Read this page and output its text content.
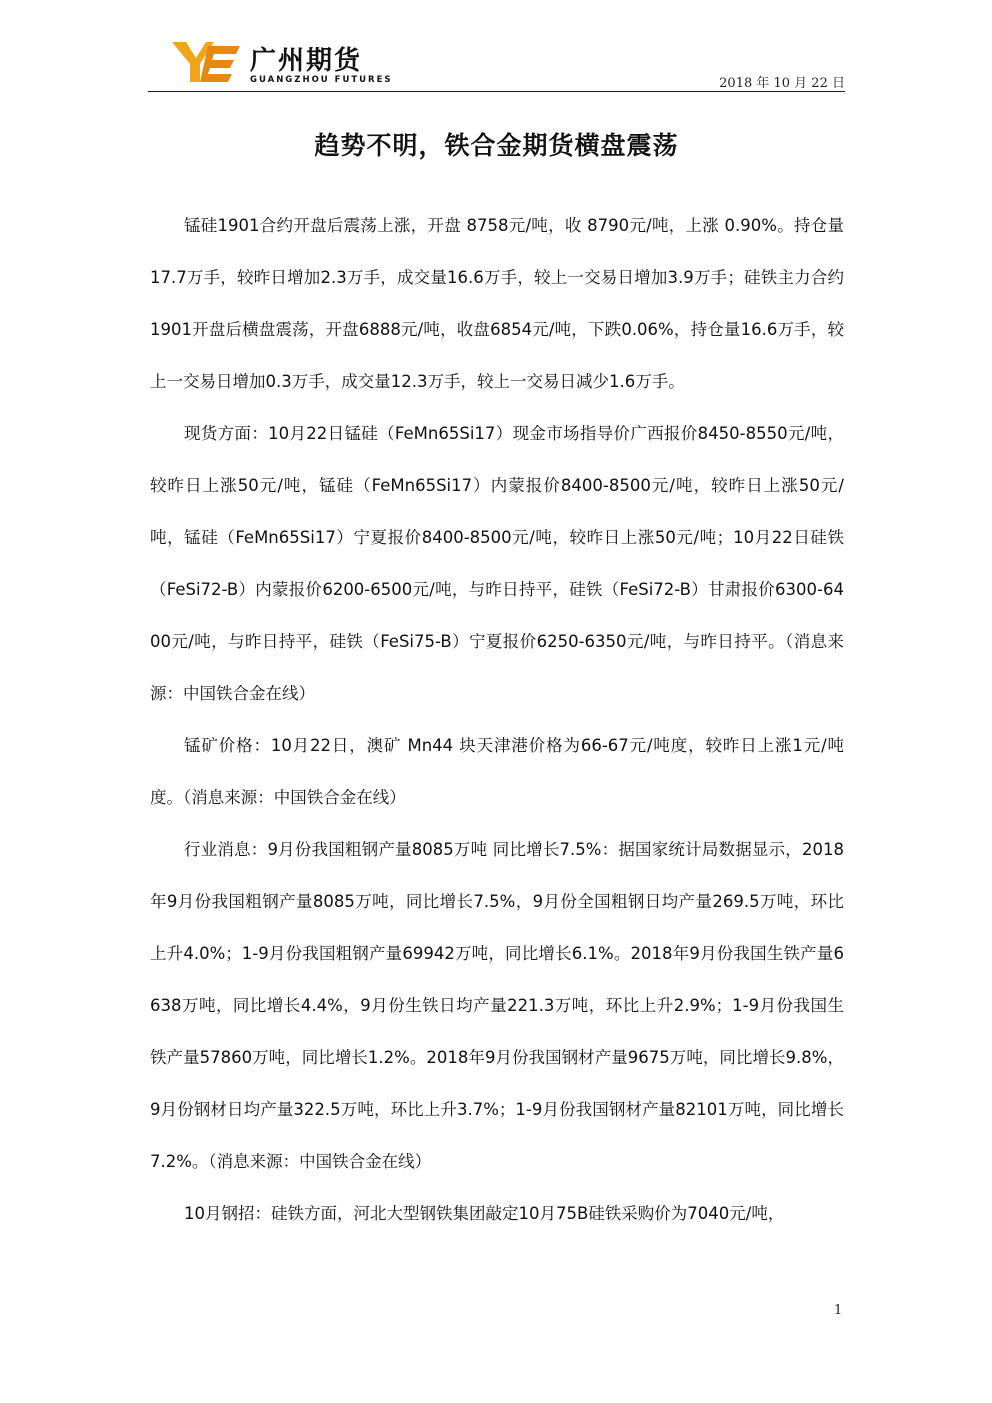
广州期货
GUANGZHOU FUTURES	2018 年 10 月 22 日
趋势不明，铁合金期货横盘震荡

锰硅1901合约开盘后震荡上涨，开盘 8758元/吨，收 8790元/吨，上涨 0.90%。持仓量17.7万手，较昨日增加2.3万手，成交量16.6万手，较上一交易日增加3.9万手；硅铁主力合约1901开盘后横盘震荡，开盘6888元/吨，收盘6854元/吨，下跌0.06%，持仓量16.6万手，较上一交易日增加0.3万手，成交量12.3万手，较上一交易日减少1.6万手。

现货方面：10月22日锰硅（FeMn65Si17）现金市场指导价广西报价8450-8550元/吨，较昨日上涨50元/吨，锰硅（FeMn65Si17）内蒙报价8400-8500元/吨，较昨日上涨50元/吨，锰硅（FeMn65Si17）宁夏报价8400-8500元/吨，较昨日上涨50元/吨；10月22日硅铁（FeSi72-B）内蒙报价6200-6500元/吨，与昨日持平，硅铁（FeSi72-B）甘肃报价6300-6400元/吨，与昨日持平，硅铁（FeSi75-B）宁夏报价6250-6350元/吨，与昨日持平。（消息来源：中国铁合金在线）

锰矿价格：10月22日，澳矿 Mn44 块天津港价格为66-67元/吨度，较昨日上涨1元/吨度。（消息来源：中国铁合金在线）

行业消息：9月份我国粗钢产量8085万吨 同比增长7.5%：据国家统计局数据显示，2018年9月份我国粗钢产量8085万吨，同比增长7.5%，9月份全国粗钢日均产量269.5万吨，环比上升4.0%；1-9月份我国粗钢产量69942万吨，同比增长6.1%。2018年9月份我国生铁产量6638万吨，同比增长4.4%，9月份生铁日均产量221.3万吨，环比上升2.9%；1-9月份我国生铁产量57860万吨，同比增长1.2%。2018年9月份我国钢材产量9675万吨，同比增长9.8%，9月份钢材日均产量322.5万吨，环比上升3.7%；1-9月份我国钢材产量82101万吨，同比增长7.2%。（消息来源：中国铁合金在线）

10月钢招：硅铁方面，河北大型钢铁集团敲定10月75B硅铁采购价为7040元/吨，

1
